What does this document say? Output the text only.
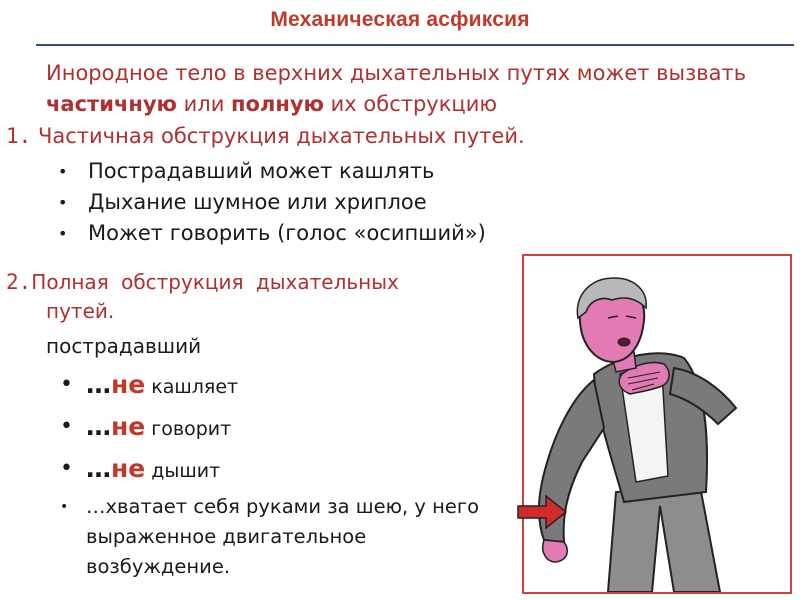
Механическая асфиксия
Инородное тело в верхних дыхательных путях может вызвать частичную или полную их обструкцию
1. Частичная обструкция дыхательных путей.
• Пострадавший может кашлять
• Дыхание шумное или хриплое
• Может говорить (голос «осипший»)
2.Полная обструкция дыхательных
путей.
пострадавший
• …не кашляет
• …не говорит
• …не дышит
• …хватает себя руками за шею, у него выраженное двигательное возбуждение.
